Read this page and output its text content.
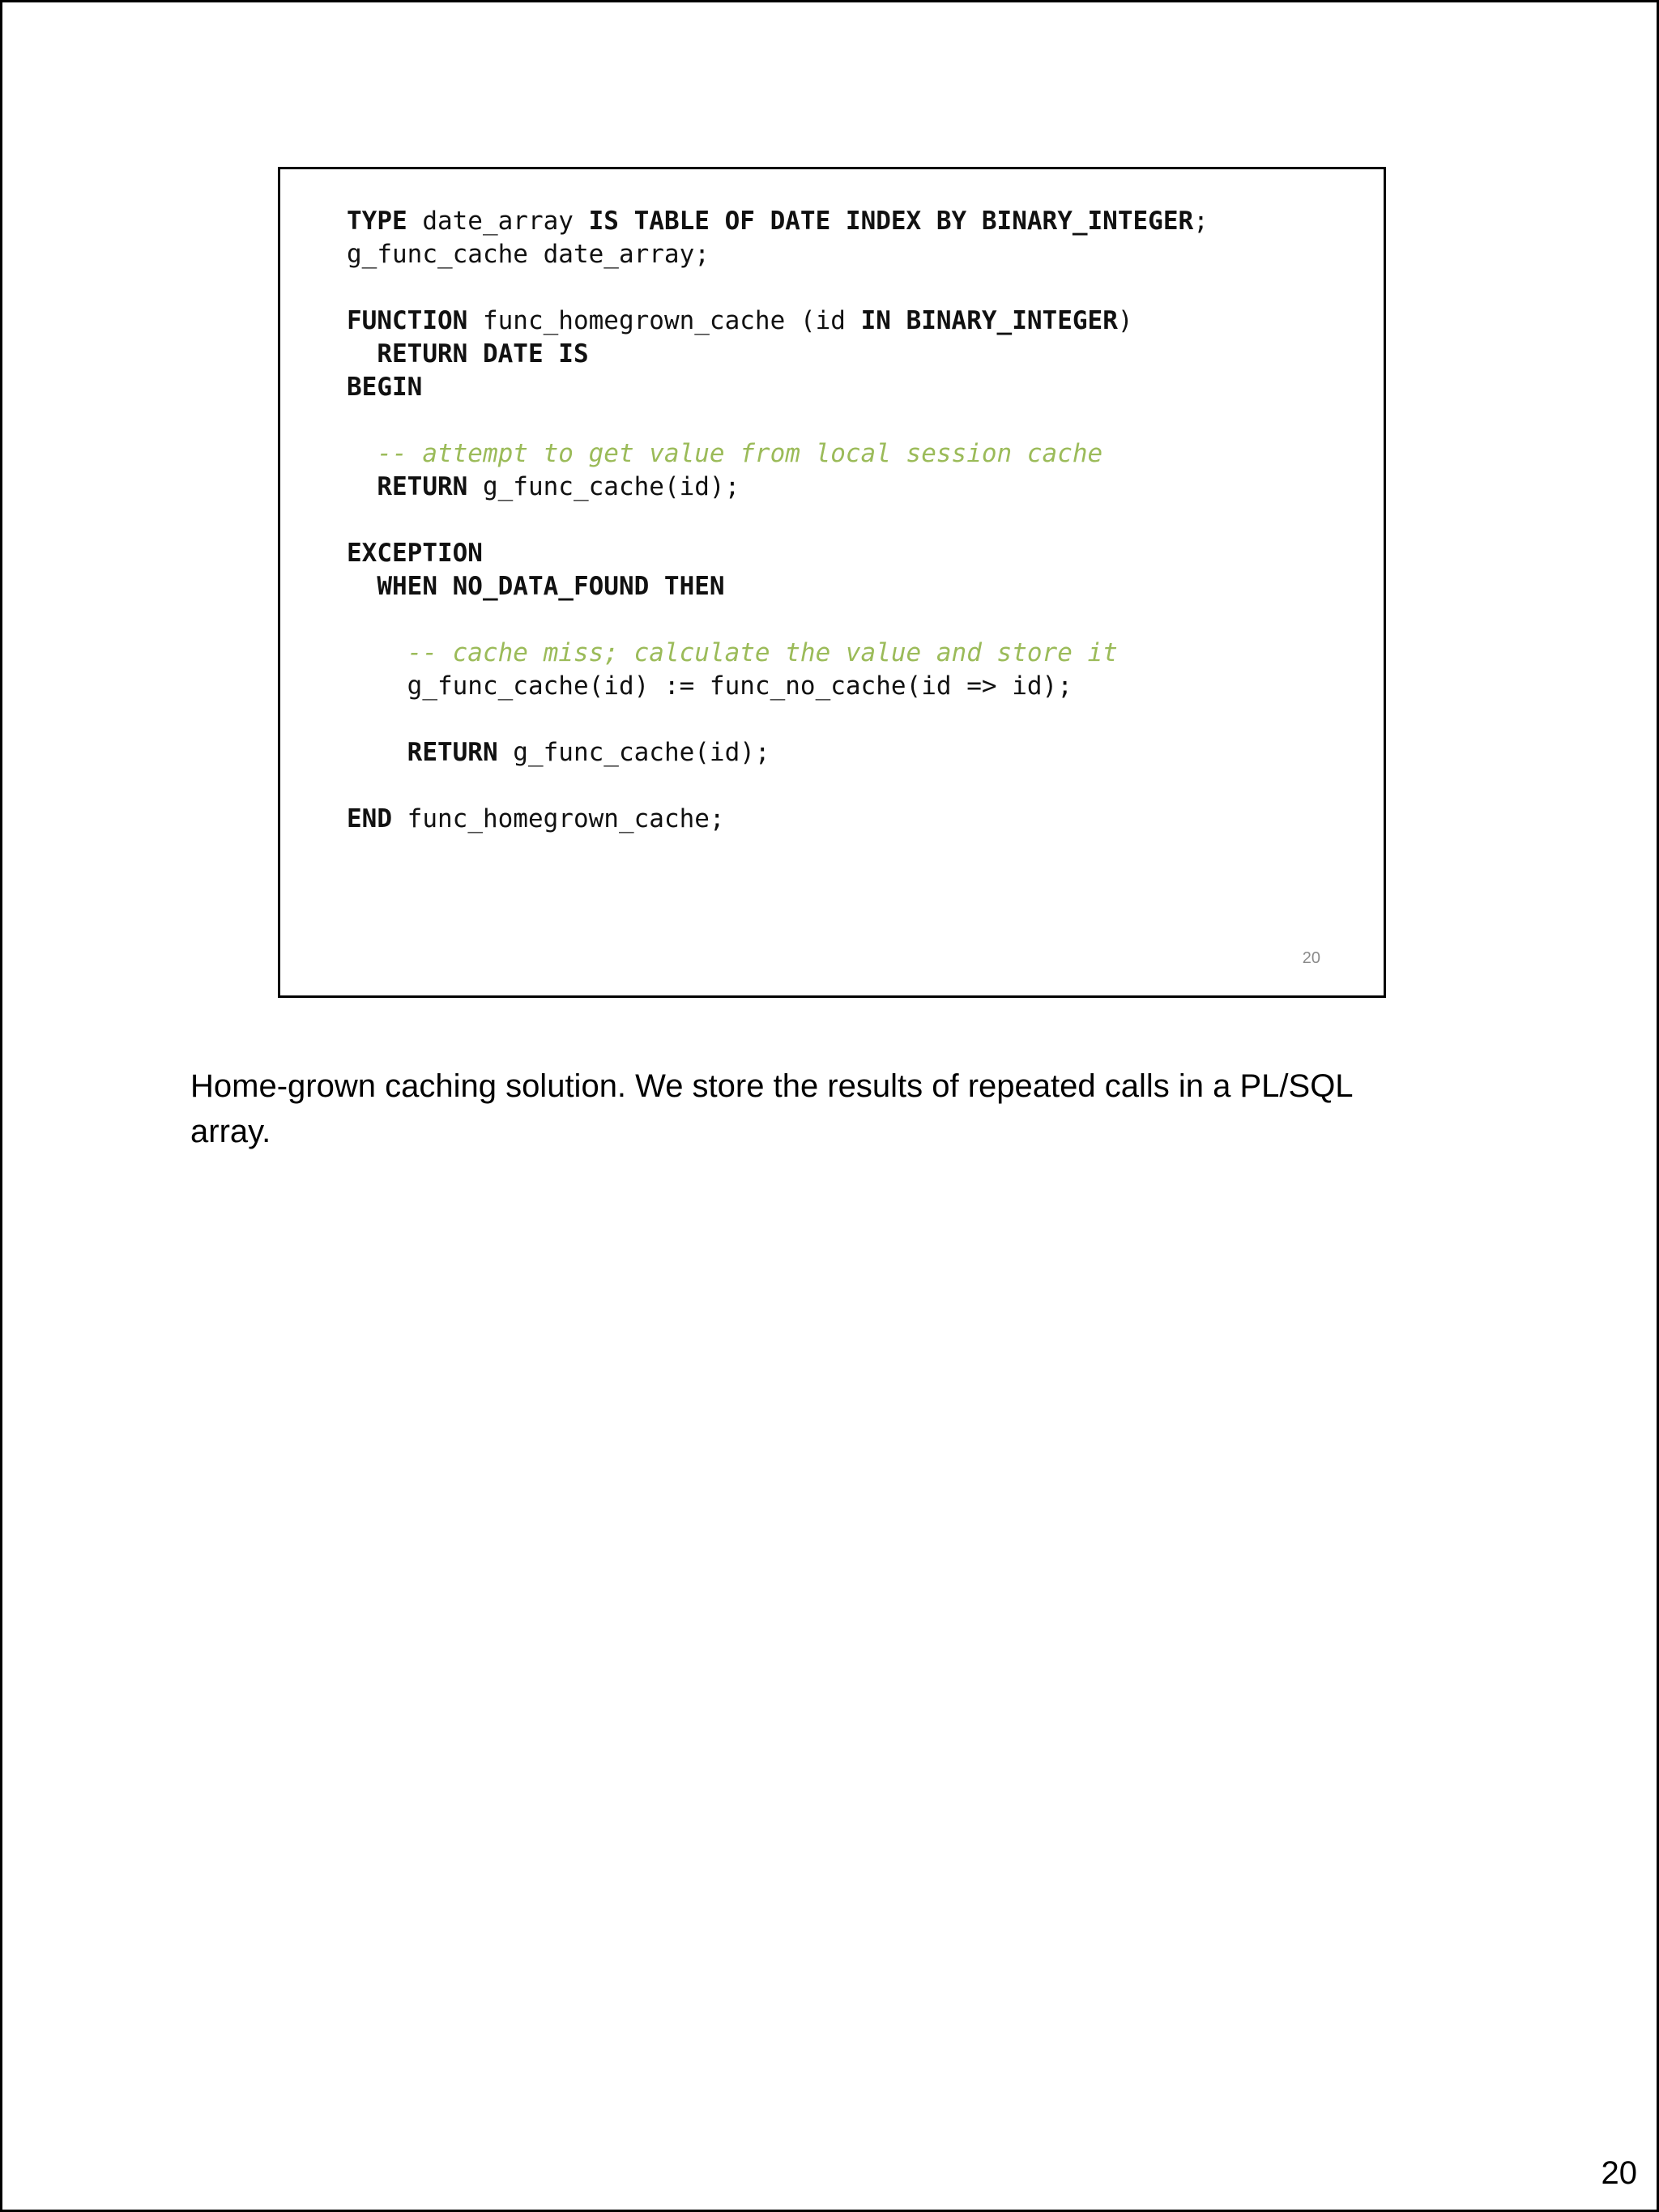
TYPE date_array IS TABLE OF DATE INDEX BY BINARY_INTEGER;
g_func_cache date_array;
FUNCTION func_homegrown_cache (id IN BINARY_INTEGER)
RETURN DATE IS
BEGIN
-- attempt to get value from local session cache
RETURN g_func_cache(id);
EXCEPTION
WHEN NO_DATA_FOUND THEN
-- cache miss; calculate the value and store it
g_func_cache(id) := func_no_cache(id => id);
RETURN g_func_cache(id);
END func_homegrown_cache;
20

Home-grown caching solution. We store the results of repeated calls in a PL/SQL array.

20
